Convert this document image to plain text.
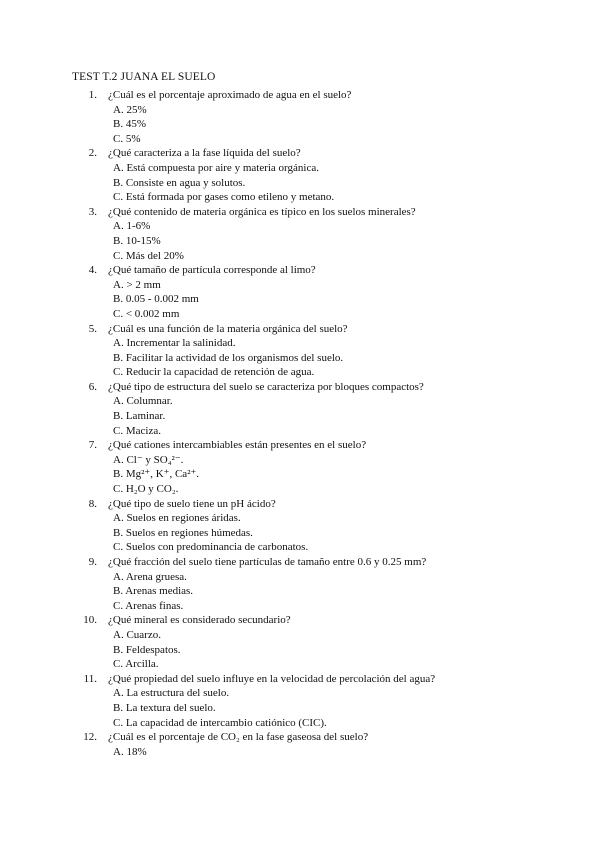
TEST T.2 JUANA EL SUELO
1. ¿Cuál es el porcentaje aproximado de agua en el suelo?
A. 25%
B. 45%
C. 5%
2. ¿Qué caracteriza a la fase líquida del suelo?
A. Está compuesta por aire y materia orgánica.
B. Consiste en agua y solutos.
C. Está formada por gases como etileno y metano.
3. ¿Qué contenido de materia orgánica es típico en los suelos minerales?
A. 1-6%
B. 10-15%
C. Más del 20%
4. ¿Qué tamaño de partícula corresponde al limo?
A. > 2 mm
B. 0.05 - 0.002 mm
C. < 0.002 mm
5. ¿Cuál es una función de la materia orgánica del suelo?
A. Incrementar la salinidad.
B. Facilitar la actividad de los organismos del suelo.
C. Reducir la capacidad de retención de agua.
6. ¿Qué tipo de estructura del suelo se caracteriza por bloques compactos?
A. Columnar.
B. Laminar.
C. Maciza.
7. ¿Qué cationes intercambiables están presentes en el suelo?
A. Cl⁻ y SO₄²⁻.
B. Mg²⁺, K⁺, Ca²⁺.
C. H₂O y CO₂.
8. ¿Qué tipo de suelo tiene un pH ácido?
A. Suelos en regiones áridas.
B. Suelos en regiones húmedas.
C. Suelos con predominancia de carbonatos.
9. ¿Qué fracción del suelo tiene partículas de tamaño entre 0.6 y 0.25 mm?
A. Arena gruesa.
B. Arenas medias.
C. Arenas finas.
10. ¿Qué mineral es considerado secundario?
A. Cuarzo.
B. Feldespatos.
C. Arcilla.
11. ¿Qué propiedad del suelo influye en la velocidad de percolación del agua?
A. La estructura del suelo.
B. La textura del suelo.
C. La capacidad de intercambio catiónico (CIC).
12. ¿Cuál es el porcentaje de CO₂ en la fase gaseosa del suelo?
A. 18%
